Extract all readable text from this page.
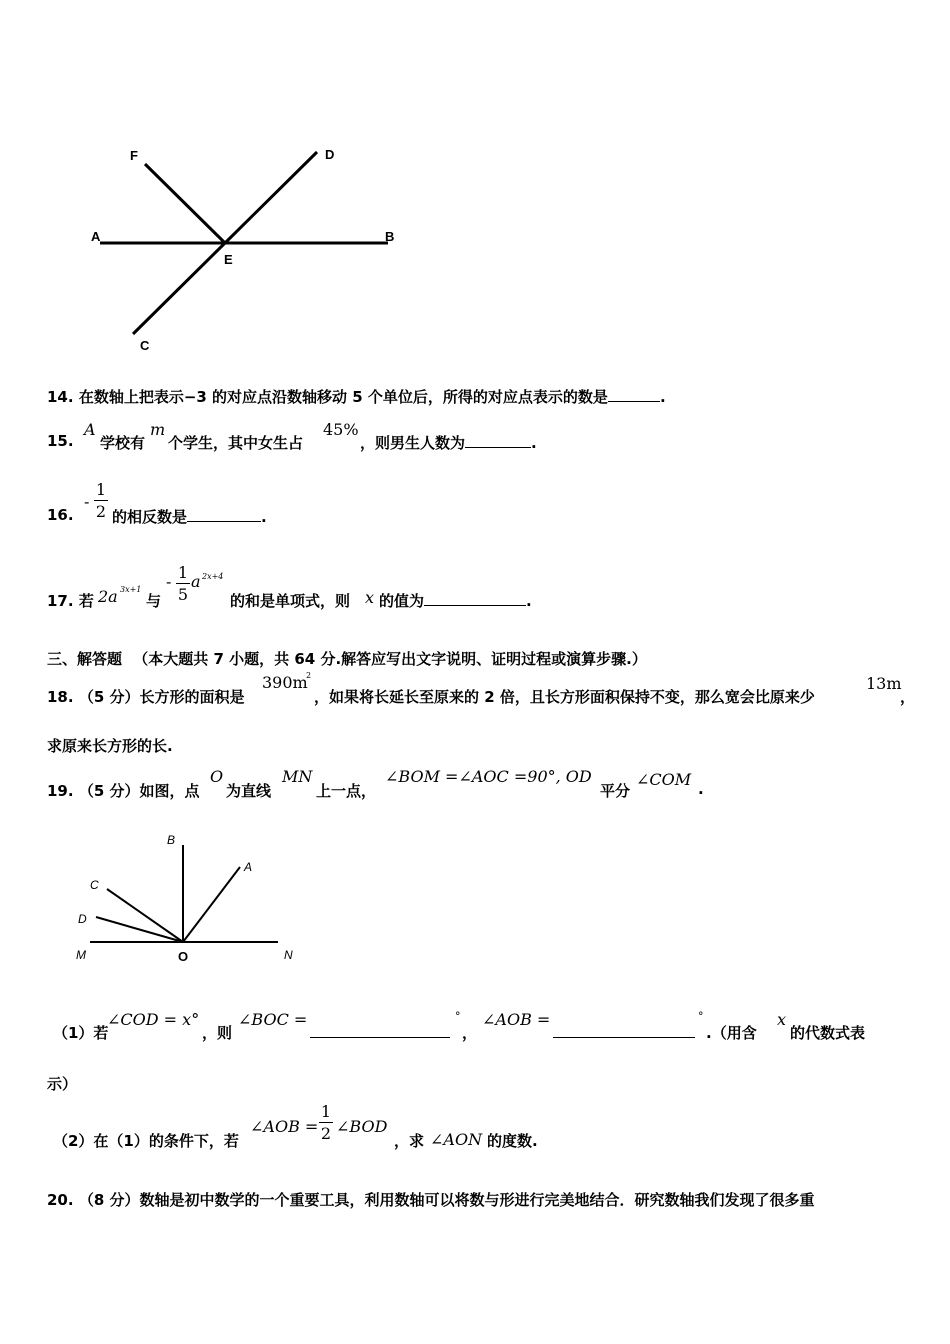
F	D
A	B
E
C
14. 在数轴上把表示−3 的对应点沿数轴移动 5 个单位后，所得的对应点表示的数是	.
15.
A
学校有
m
个学生，其中女生占
45%
，则男生人数为	.
16.
-
1
2 的相反数是	.
17. 若 2a 3x+1
与
- 1
5
a 2x+4
的和是单项式，则 x 的值为	.
三、解答题 （本大题共 7 小题，共 64 分.解答应写出文字说明、证明过程或演算步骤.）
18. （5 分）长方形的面积是
390m
2
，如果将长延长至原来的 2 倍，且长方形面积保持不变，那么宽会比原来少
13m
，
求原来长方形的长.
19. （5 分）如图，点
O
为直线
MN
上一点，
∠BOM =∠AOC =90°, OD
平分
∠COM .
B
A
C
D
M	O	N
（1）若
∠COD = x°
，则
∠BOC =	°
，
∠AOB =	°
.（用含
x
的代数式表
示）
（2）在（1）的条件下，若
∠AOB =
1
2 ∠BOD
，求 ∠AON 的度数.
20. （8 分）数轴是初中数学的一个重要工具，利用数轴可以将数与形进行完美地结合．研究数轴我们发现了很多重
